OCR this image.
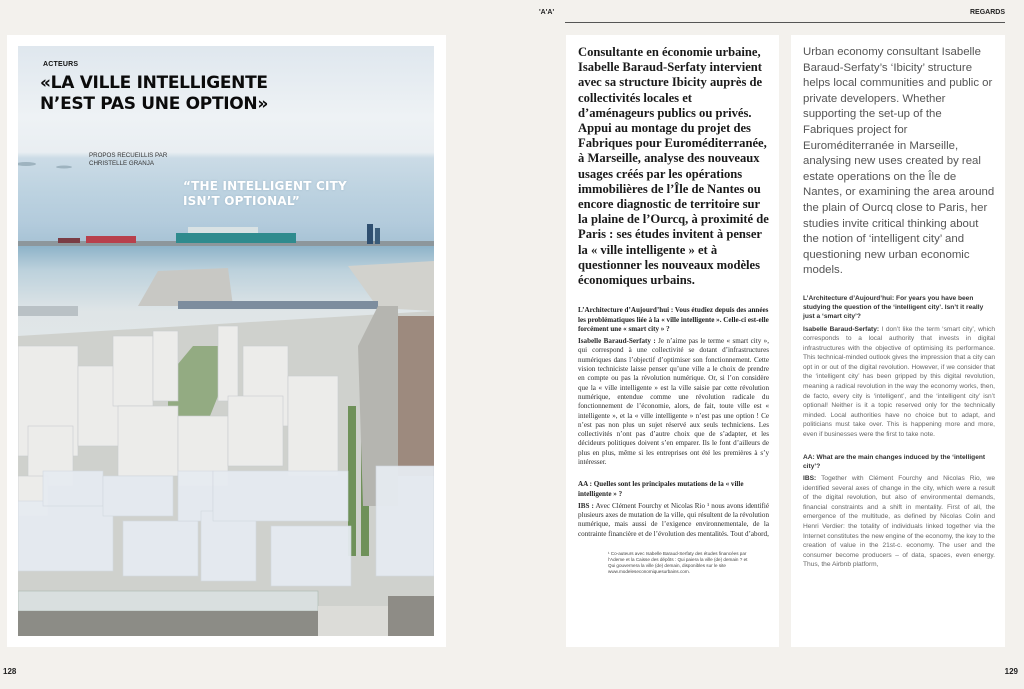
ACTEURS
«LA VILLE INTELLIGENTE
N’EST PAS UNE OPTION»
PROPOS RECUEILLIS PAR
CHRISTELLE GRANJA
“THE INTELLIGENT CITY
ISN’T OPTIONAL”
128
'A'A'	REGARDS

Consultante en économie urbaine, Isabelle Baraud-Serfaty intervient avec sa structure Ibicity auprès de collectivités locales et d’aménageurs publics ou privés. Appui au montage du projet des Fabriques pour Euroméditerranée, à Marseille, analyse des nouveaux usages créés par les opérations immobilières de l’Île de Nantes ou encore diagnostic de territoire sur la plaine de l’Ourcq, à proximité de Paris : ses études invitent à penser la « ville intelligente » et à questionner les nouveaux modèles économiques urbains.

L’Architecture d’Aujourd’hui : Vous étudiez depuis des années les problématiques liée à la « ville intelligente ». Celle-ci est-elle forcément une « smart city » ?

Isabelle Baraud-Serfaty : Je n’aime pas le terme « smart city », qui correspond à une collectivité se dotant d’infrastructures numériques dans l’objectif d’optimiser son fonctionnement. Cette vision techniciste laisse penser qu’une ville a le choix de prendre en compte ou pas la révolution numérique. Or, si l’on considère que la « ville intelligente » est la ville saisie par cette révolution numérique, entendue comme une révolution radicale du fonctionnement de l’économie, alors, de fait, toute ville est « intelligente », et la « ville intelligente » n’est pas une option ! Ce n’est pas non plus un sujet réservé aux seuls techniciens. Les collectivités n’ont pas d’autre choix que de s’adapter, et les décideurs politiques doivent s’en emparer. Ils le font d’ailleurs de plus en plus, même si les entreprises ont été les premières à s’y intéresser.

AA : Quelles sont les principales mutations de la « ville intelligente » ?

IBS : Avec Clément Fourchy et Nicolas Rio ¹ nous avons identifié plusieurs axes de mutation de la ville, qui résultent de la révolution numérique, mais aussi de l’exigence environnementale, de la contrainte financière et de l’évolution des mentalités. Tout d’abord,

¹ Co-auteurs avec Isabelle Baraud-Serfaty des études financées par l’Ademe et la Caisse des dépôts : Qui paiera la ville (de) demain ? et Qui gouvernera la ville (de) demain, disponibles sur le site www.modeleseconomiquesurbains.com.

Urban economy consultant Isabelle Baraud-Serfaty’s ‘Ibicity’ structure helps local communities and public or private developers. Whether supporting the set-up of the Fabriques project for Euroméditerranée in Marseille, analysing new uses created by real estate operations on the Île de Nantes, or examining the area around the plain of Ourcq close to Paris, her studies invite critical thinking about the notion of ‘intelligent city’ and questioning new urban economic models.

L’Architecture d’Aujourd’hui: For years you have been studying the question of the ‘intelligent city’. Isn’t it really just a ‘smart city’?

Isabelle Baraud-Serfaty: I don’t like the term ‘smart city’, which corresponds to a local authority that invests in digital infrastructures with the objective of optimising its performance. This technical-minded outlook gives the impression that a city can opt in or out of the digital revolution. However, if we consider that the ‘intelligent city’ has been gripped by this digital revolution, meaning a radical revolution in the way the economy works, then, de facto, every city is ‘intelligent’, and the ‘intelligent city’ isn’t optional! Neither is it a topic reserved only for the technically minded. Local authorities have no choice but to adapt, and politicians must take over. This is happening more and more, even if businesses were the first to take note.

AA: What are the main changes induced by the ‘intelligent city’?

IBS: Together with Clément Fourchy and Nicolas Rio, we identified several axes of change in the city, which were a result of the digital revolution, but also of environmental demands, financial constraints and a shift in mentality. First of all, the emergence of the multitude, as defined by Nicolas Colin and Henri Verdier: the totality of individuals linked together via the Internet constitutes the new engine of the economy, the key to the creation of value in the 21st-c. economy. The user and the consumer become producers – of data, spaces, even energy. Thus, the Airbnb platform,

129
